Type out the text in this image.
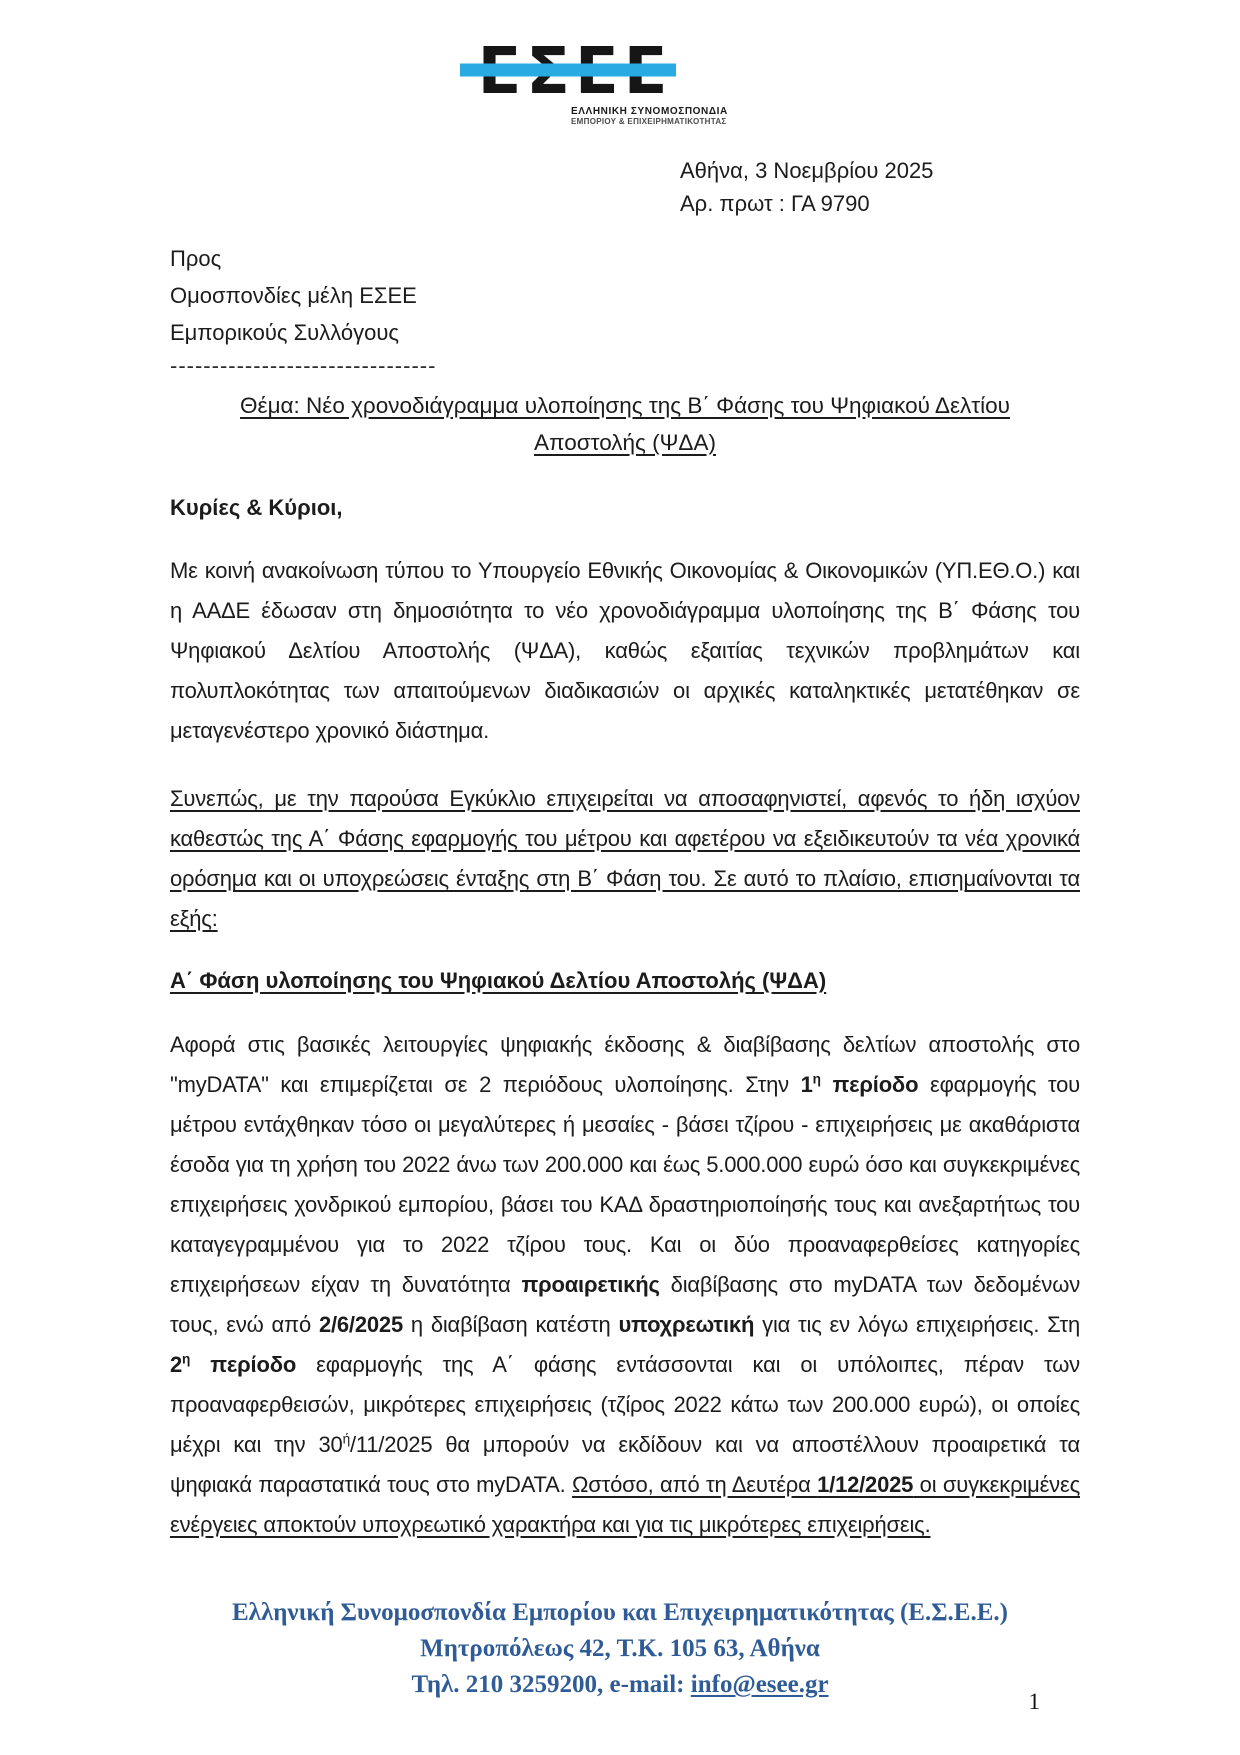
ΕΛΛΗΝΙΚΗ ΣΥΝΟΜΟΣΠΟΝΔΙΑ
ΕΜΠΟΡΙΟΥ & ΕΠΙΧΕΙΡΗΜΑΤΙΚΟΤΗΤΑΣ
Αθήνα, 3 Νοεμβρίου 2025
Αρ. πρωτ : ΓΑ 9790
Προς
Ομοσπονδίες μέλη ΕΣΕΕ
Εμπορικούς Συλλόγους
--------------------------------
Θέμα: Νέο χρονοδιάγραμμα υλοποίησης της Β΄ Φάσης του Ψηφιακού Δελτίου Αποστολής (ΨΔΑ)
Κυρίες & Κύριοι,

Με κοινή ανακοίνωση τύπου το Υπουργείο Εθνικής Οικονομίας & Οικονομικών (ΥΠ.ΕΘ.Ο.) και η ΑΑΔΕ έδωσαν στη δημοσιότητα το νέο χρονοδιάγραμμα υλοποίησης της Β΄ Φάσης του Ψηφιακού Δελτίου Αποστολής (ΨΔΑ), καθώς εξαιτίας τεχνικών προβλημάτων και πολυπλοκότητας των απαιτούμενων διαδικασιών οι αρχικές καταληκτικές μετατέθηκαν σε μεταγενέστερο χρονικό διάστημα.

Συνεπώς, με την παρούσα Εγκύκλιο επιχειρείται να αποσαφηνιστεί, αφενός το ήδη ισχύον καθεστώς της Α΄ Φάσης εφαρμογής του μέτρου και αφετέρου να εξειδικευτούν τα νέα χρονικά ορόσημα και οι υποχρεώσεις ένταξης στη Β΄ Φάση του. Σε αυτό το πλαίσιο, επισημαίνονται τα εξής:

Α΄ Φάση υλοποίησης του Ψηφιακού Δελτίου Αποστολής (ΨΔΑ)

Αφορά στις βασικές λειτουργίες ψηφιακής έκδοσης & διαβίβασης δελτίων αποστολής στο "myDATA" και επιμερίζεται σε 2 περιόδους υλοποίησης. Στην $1^\eta$ περίοδο εφαρμογής του μέτρου εντάχθηκαν τόσο οι μεγαλύτερες ή μεσαίες - βάσει τζίρου - επιχειρήσεις με ακαθάριστα έσοδα για τη χρήση του 2022 άνω των 200.000 και έως 5.000.000 ευρώ όσο και συγκεκριμένες επιχειρήσεις χονδρικού εμπορίου, βάσει του ΚΑΔ δραστηριοποίησής τους και ανεξαρτήτως του καταγεγραμμένου για το 2022 τζίρου τους. Και οι δύο προαναφερθείσες κατηγορίες επιχειρήσεων είχαν τη δυνατότητα προαιρετικής διαβίβασης στο myDATA των δεδομένων τους, ενώ από 2/6/2025 η διαβίβαση κατέστη υποχρεωτική για τις εν λόγω επιχειρήσεις. Στη $2^\eta$ περίοδο εφαρμογής της Α΄ φάσης εντάσσονται και οι υπόλοιπες, πέραν των προαναφερθεισών, μικρότερες επιχειρήσεις (τζίρος 2022 κάτω των 200.000 ευρώ), οι οποίες μέχρι και την $30^ή/11/2025$ θα μπορούν να εκδίδουν και να αποστέλλουν προαιρετικά τα ψηφιακά παραστατικά τους στο myDATA. Ωστόσο, από τη Δευτέρα 1/12/2025 οι συγκεκριμένες ενέργειες αποκτούν υποχρεωτικό χαρακτήρα και για τις μικρότερες επιχειρήσεις.

Ελληνική Συνομοσπονδία Εμπορίου και Επιχειρηματικότητας (Ε.Σ.Ε.Ε.)
Μητροπόλεως 42, Τ.Κ. 105 63, Αθήνα
Τηλ. 210 3259200, e-mail: info@esee.gr
1
